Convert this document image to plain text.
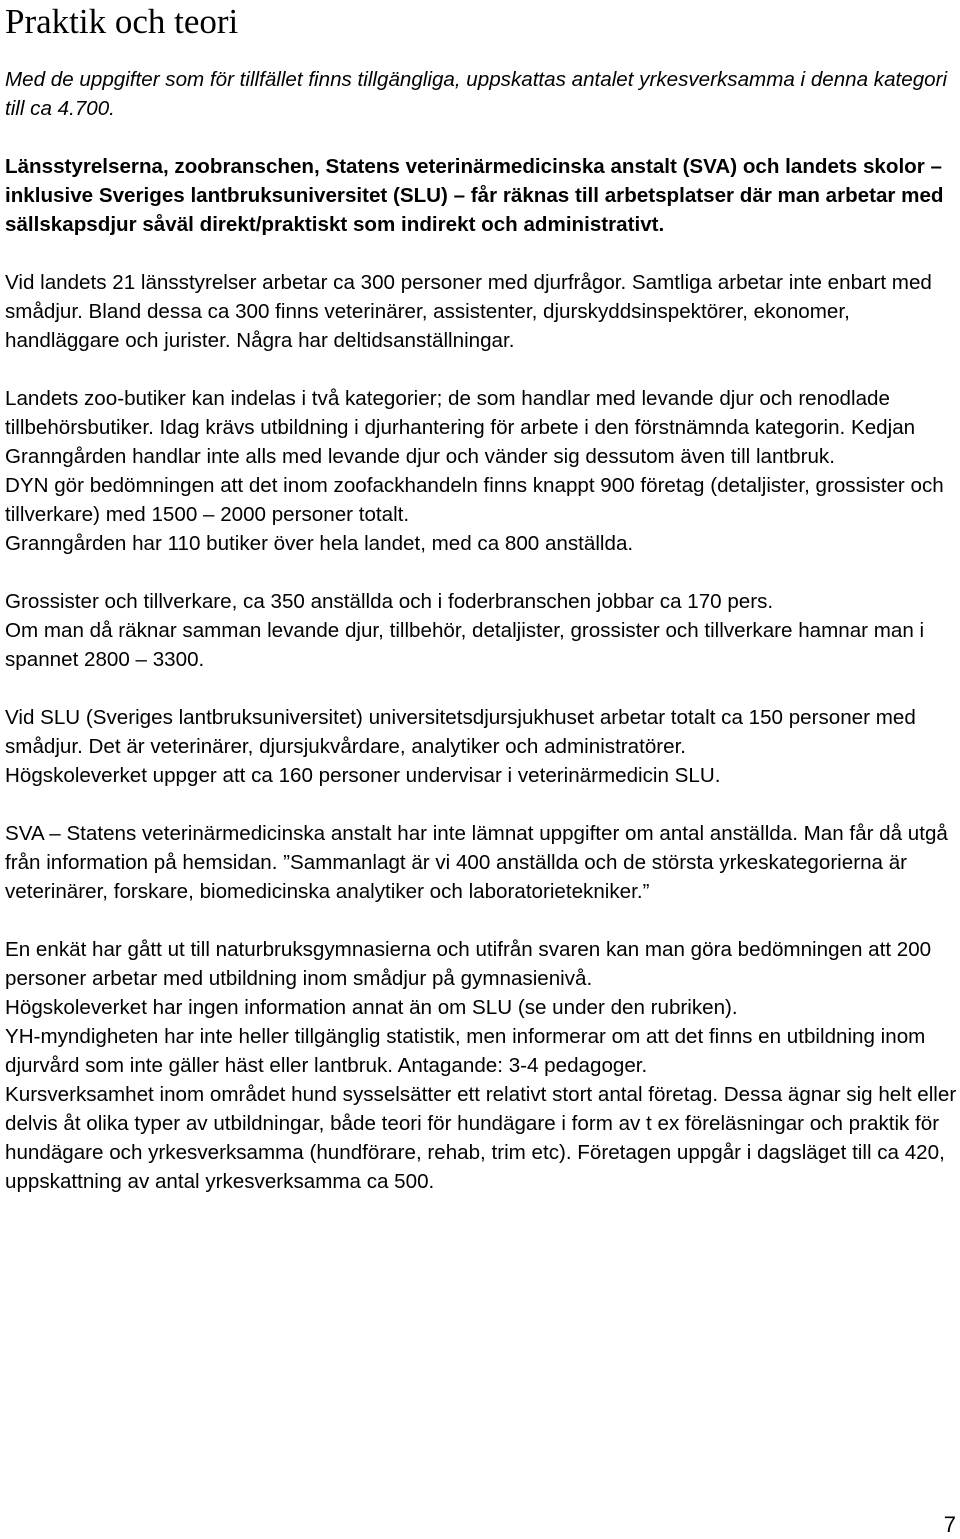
Praktik och teori

Med de uppgifter som för tillfället finns tillgängliga, uppskattas antalet yrkesverksamma i denna kategori till ca 4.700.

Länsstyrelserna, zoobranschen, Statens veterinärmedicinska anstalt (SVA) och landets skolor – inklusive Sveriges lantbruksuniversitet (SLU) – får räknas till arbetsplatser där man arbetar med sällskapsdjur såväl direkt/praktiskt som indirekt och administrativt.

Vid landets 21 länsstyrelser arbetar ca 300 personer med djurfrågor. Samtliga arbetar inte enbart med smådjur. Bland dessa ca 300 finns veterinärer, assistenter, djurskyddsinspektörer, ekonomer, handläggare och jurister. Några har deltidsanställningar.

Landets zoo-butiker kan indelas i två kategorier; de som handlar med levande djur och renodlade tillbehörsbutiker. Idag krävs utbildning i djurhantering för arbete i den förstnämnda kategorin. Kedjan Granngården handlar inte alls med levande djur och vänder sig dessutom även till lantbruk.

DYN gör bedömningen att det inom zoofackhandeln finns knappt 900 företag (detaljister, grossister och tillverkare) med 1500 – 2000 personer totalt.

Granngården har 110 butiker över hela landet, med ca 800 anställda.

Grossister och tillverkare, ca 350 anställda och i foderbranschen jobbar ca 170 pers.

Om man då räknar samman levande djur, tillbehör, detaljister, grossister och tillverkare hamnar man i spannet 2800 – 3300.

Vid SLU (Sveriges lantbruksuniversitet) universitetsdjursjukhuset arbetar totalt ca 150 personer med smådjur. Det är veterinärer, djursjukvårdare, analytiker och administratörer.

Högskoleverket uppger att ca 160 personer undervisar i veterinärmedicin SLU.

SVA – Statens veterinärmedicinska anstalt har inte lämnat uppgifter om antal anställda. Man får då utgå från information på hemsidan. ”Sammanlagt är vi 400 anställda och de största yrkeskategorierna är veterinärer, forskare, biomedicinska analytiker och laboratorietekniker.”

En enkät har gått ut till naturbruksgymnasierna och utifrån svaren kan man göra bedömningen att 200 personer arbetar med utbildning inom smådjur på gymnasienivå.

Högskoleverket har ingen information annat än om SLU (se under den rubriken).

YH-myndigheten har inte heller tillgänglig statistik, men informerar om att det finns en utbildning inom djurvård som inte gäller häst eller lantbruk. Antagande: 3-4 pedagoger.

Kursverksamhet inom området hund sysselsätter ett relativt stort antal företag. Dessa ägnar sig helt eller delvis åt olika typer av utbildningar, både teori för hundägare i form av t ex föreläsningar och praktik för hundägare och yrkesverksamma (hundförare, rehab, trim etc). Företagen uppgår i dagsläget till ca 420, uppskattning av antal yrkesverksamma ca 500.

7
